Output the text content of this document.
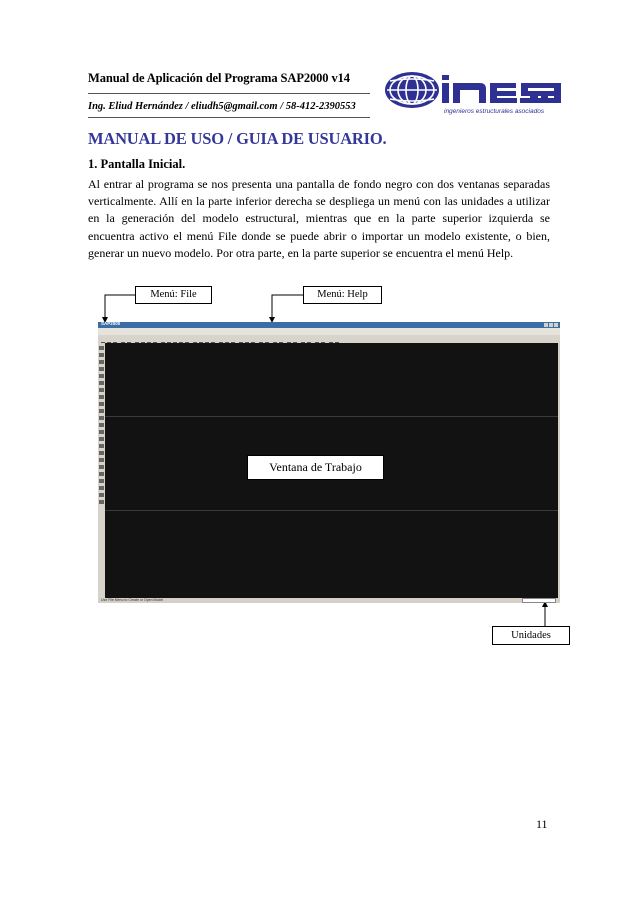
Manual de Aplicación del Programa SAP2000 v14
Ing. Eliud Hernández / eliudh5@gmail.com / 58-412-2390553	ingenieros estructurales asociados
MANUAL DE USO / GUIA DE USUARIO.
1. Pantalla Inicial.
Al entrar al programa se nos presenta una pantalla de fondo negro con dos ventanas separadas verticalmente. Allí en la parte inferior derecha se despliega un menú con las unidades a utilizar en la generación del modelo estructural, mientras que en la parte superior izquierda se encuentra activo el menú File donde se puede abrir o importar un modelo existente, o bien, generar un nuevo modelo. Por otra parte, en la parte superior se encuentra el menú Help.
Menú: File	Menú: Help
SAP2000
Use File Menu to Create or Open Model
Ventana de Trabajo
Unidades
11
